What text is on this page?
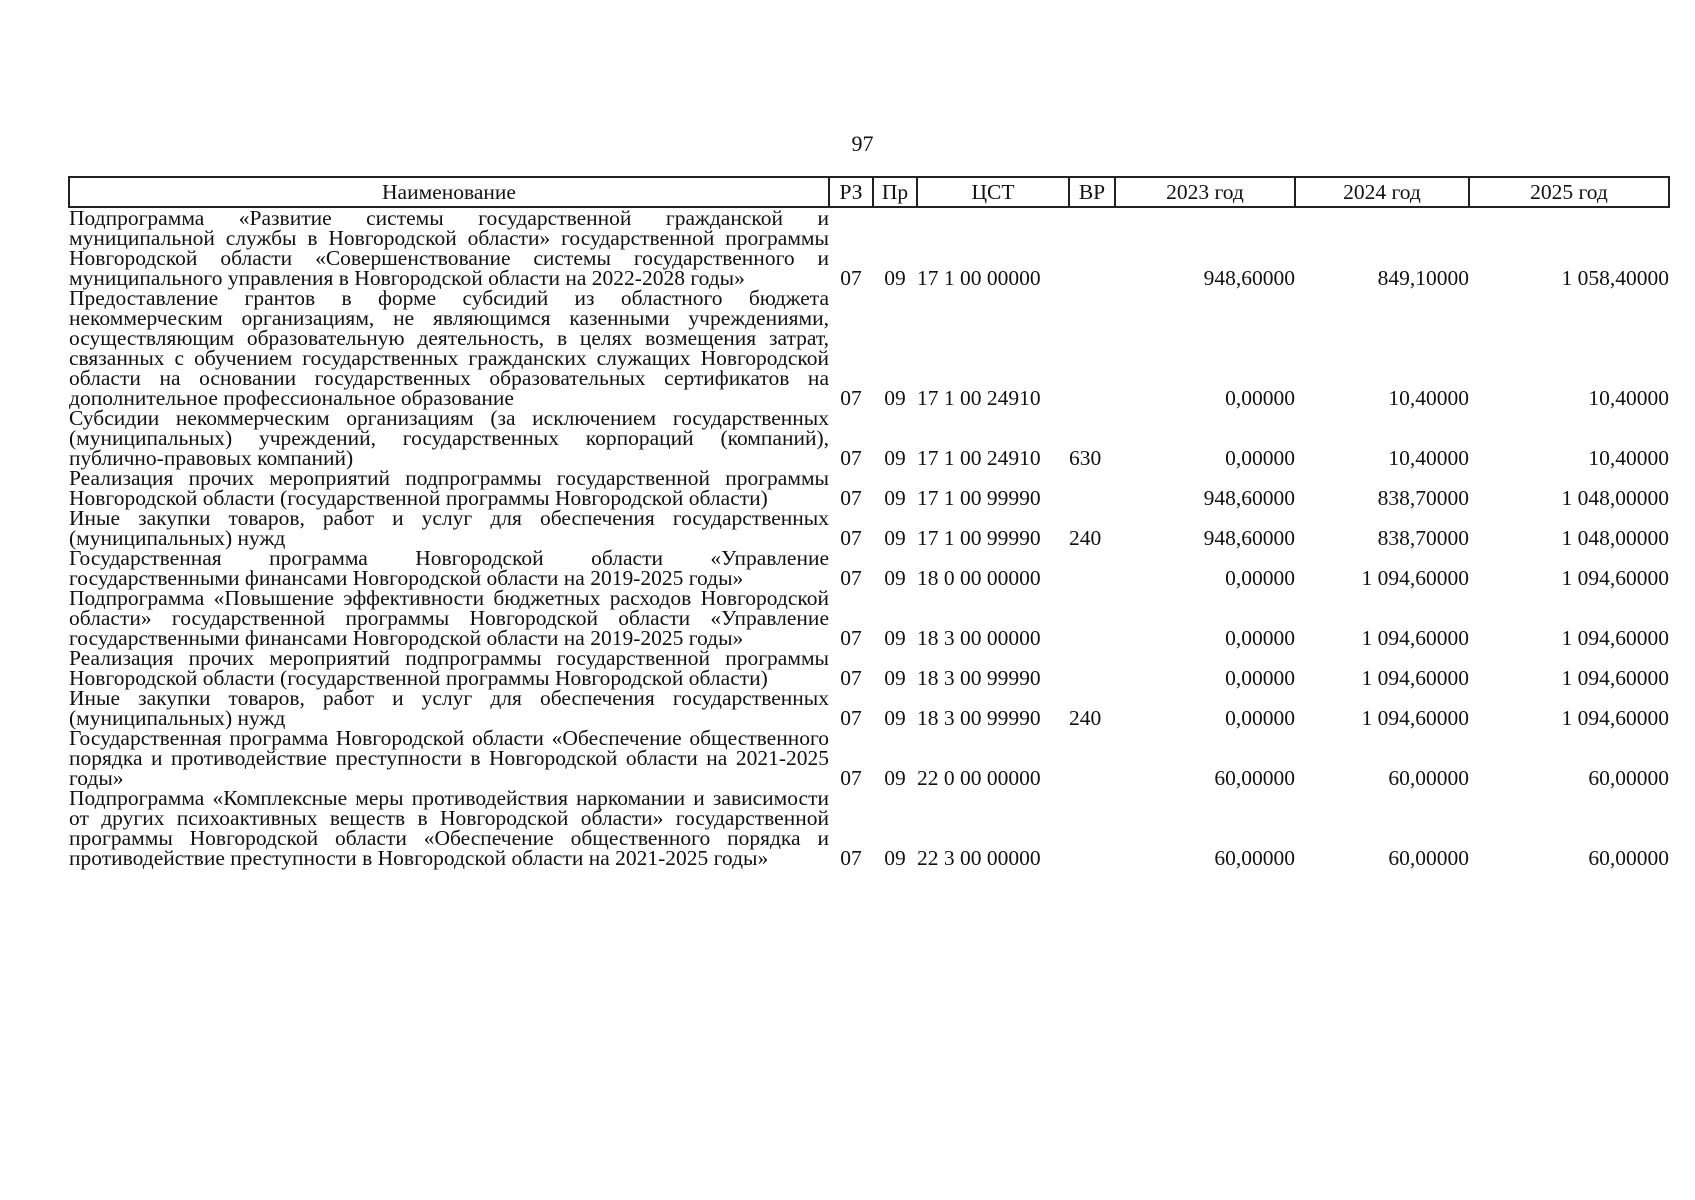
97
Наименование	РЗ	Пр	ЦСТ	ВР	2023 год	2024 год	2025 год
Подпрограмма «Развитие системы государственной гражданской и муниципальной службы в Новгородской области» государственной программы Новгородской области «Совершенствование системы государственного и муниципального управления в Новгородской области на 2022-2028 годы»	07	09	17 1 00 00000		948,60000	849,10000	1 058,40000
Предоставление грантов в форме субсидий из областного бюджета некоммерческим организациям, не являющимся казенными учреждениями, осуществляющим образовательную деятельность, в целях возмещения затрат, связанных с обучением государственных гражданских служащих Новгородской области на основании государственных образовательных сертификатов на дополнительное профессиональное образование	07	09	17 1 00 24910		0,00000	10,40000	10,40000
Субсидии некоммерческим организациям (за исключением государственных (муниципальных) учреждений, государственных корпораций (компаний), публично-правовых компаний)	07	09	17 1 00 24910	630	0,00000	10,40000	10,40000
Реализация прочих мероприятий подпрограммы государственной программы Новгородской области (государственной программы Новгородской области)	07	09	17 1 00 99990		948,60000	838,70000	1 048,00000
Иные закупки товаров, работ и услуг для обеспечения государственных (муниципальных) нужд	07	09	17 1 00 99990	240	948,60000	838,70000	1 048,00000
Государственная программа Новгородской области «Управление государственными финансами Новгородской области на 2019-2025 годы»	07	09	18 0 00 00000		0,00000	1 094,60000	1 094,60000
Подпрограмма «Повышение эффективности бюджетных расходов Новгородской области» государственной программы Новгородской области «Управление государственными финансами Новгородской области на 2019-2025 годы»	07	09	18 3 00 00000		0,00000	1 094,60000	1 094,60000
Реализация прочих мероприятий подпрограммы государственной программы Новгородской области (государственной программы Новгородской области)	07	09	18 3 00 99990		0,00000	1 094,60000	1 094,60000
Иные закупки товаров, работ и услуг для обеспечения государственных (муниципальных) нужд	07	09	18 3 00 99990	240	0,00000	1 094,60000	1 094,60000
Государственная программа Новгородской области «Обеспечение общественного порядка и противодействие преступности в Новгородской области на 2021-2025 годы»	07	09	22 0 00 00000		60,00000	60,00000	60,00000
Подпрограмма «Комплексные меры противодействия наркомании и зависимости от других психоактивных веществ в Новгородской области» государственной программы Новгородской области «Обеспечение общественного порядка и противодействие преступности в Новгородской области на 2021-2025 годы»	07	09	22 3 00 00000		60,00000	60,00000	60,00000
